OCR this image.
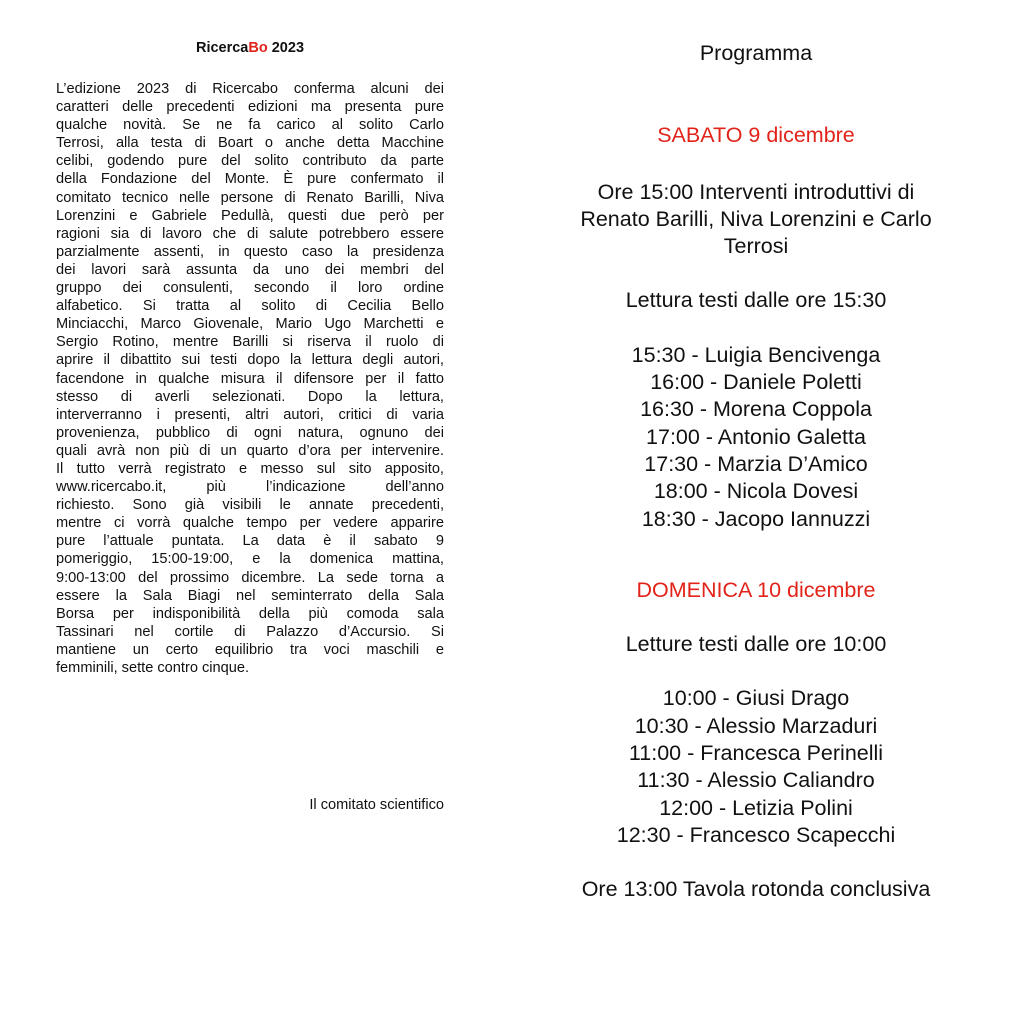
RicercaBo 2023
L’edizione 2023 di Ricercabo conferma alcuni dei
caratteri delle precedenti edizioni ma presenta pure
qualche novità. Se ne fa carico al solito Carlo
Terrosi, alla testa di Boart o anche detta Macchine
celibi, godendo pure del solito contributo da parte
della Fondazione del Monte. È pure confermato il
comitato tecnico nelle persone di Renato Barilli, Niva
Lorenzini e Gabriele Pedullà, questi due però per
ragioni sia di lavoro che di salute potrebbero essere
parzialmente assenti, in questo caso la presidenza
dei lavori sarà assunta da uno dei membri del
gruppo dei consulenti, secondo il loro ordine
alfabetico. Si tratta al solito di Cecilia Bello
Minciacchi, Marco Giovenale, Mario Ugo Marchetti e
Sergio Rotino, mentre Barilli si riserva il ruolo di
aprire il dibattito sui testi dopo la lettura degli autori,
facendone in qualche misura il difensore per il fatto
stesso di averli selezionati. Dopo la lettura,
interverranno i presenti, altri autori, critici di varia
provenienza, pubblico di ogni natura, ognuno dei
quali avrà non più di un quarto d’ora per intervenire.
Il tutto verrà registrato e messo sul sito apposito,
www.ricercabo.it, più l’indicazione dell’anno
richiesto. Sono già visibili le annate precedenti,
mentre ci vorrà qualche tempo per vedere apparire
pure l’attuale puntata. La data è il sabato 9
pomeriggio, 15:00-19:00, e la domenica mattina,
9:00-13:00 del prossimo dicembre. La sede torna a
essere la Sala Biagi nel seminterrato della Sala
Borsa per indisponibilità della più comoda sala
Tassinari nel cortile di Palazzo d’Accursio. Si
mantiene un certo equilibrio tra voci maschili e
femminili, sette contro cinque.
Il comitato scientifico
Programma
SABATO 9 dicembre
Ore 15:00 Interventi introduttivi di
Renato Barilli, Niva Lorenzini e Carlo
Terrosi
Lettura testi dalle ore 15:30
15:30 - Luigia Bencivenga
16:00 - Daniele Poletti
16:30 - Morena Coppola
17:00 - Antonio Galetta
17:30 - Marzia D’Amico
18:00 - Nicola Dovesi
18:30 - Jacopo Iannuzzi
DOMENICA 10 dicembre
Letture testi dalle ore 10:00
10:00 - Giusi Drago
10:30 - Alessio Marzaduri
11:00 - Francesca Perinelli
11:30 - Alessio Caliandro
12:00 - Letizia Polini
12:30 - Francesco Scapecchi
Ore 13:00 Tavola rotonda conclusiva
